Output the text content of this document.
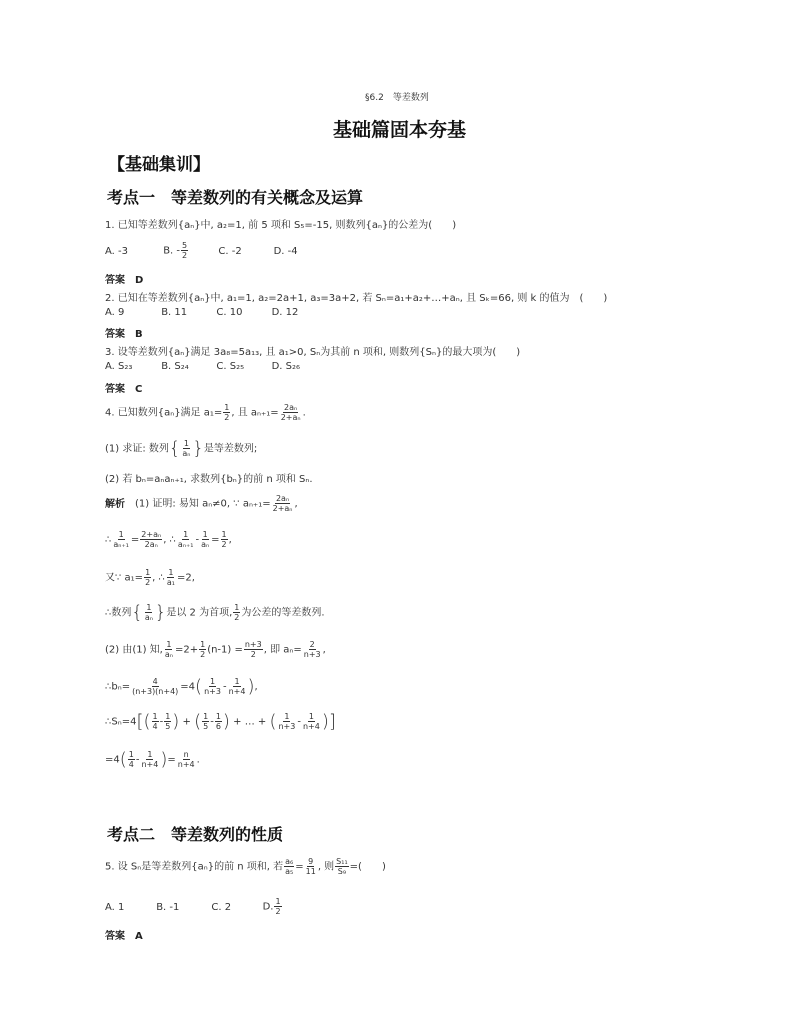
§6.2　等差数列
基础篇固本夯基
【基础集训】
考点一　等差数列的有关概念及运算
1. 已知等差数列{aₙ}中, a₂=1, 前 5 项和 S₅=-15, 则数列{aₙ}的公差为(　　)
A. -3	B. - $\frac{5}{2}$	C. -2	D. -4
答案　D
2. 已知在等差数列{aₙ}中, a₁=1, a₂=2a+1, a₃=3a+2, 若 Sₙ=a₁+a₂+…+aₙ, 且 Sₖ=66, 则 k 的值为　(　　)
A. 9	B. 11	C. 10	D. 12
答案　B
3. 设等差数列{aₙ}满足 3a₈=5a₁₃, 且 a₁>0, Sₙ为其前 n 项和, 则数列{Sₙ}的最大项为(　　)
A. S₂₃	B. S₂₄	C. S₂₅	D. S₂₆
答案　C
4. 已知数列{aₙ}满足 $a_1= \frac{1}{2}$ , 且 $a_{n+1}= \frac{\text{2aₙ}}{\text{2+aₙ}}$ .
(1) 求证: 数列{ $\frac{1}{\text{aₙ}}$ }是等差数列;
(2) 若 bₙ=aₙaₙ₊₁, 求数列{bₙ}的前 n 项和 Sₙ.
解析 (1) 证明: 易知 aₙ≠0, ∵ $a_{n+1}= \frac{\text{2aₙ}}{\text{2+aₙ}}$ ,
∴ $\frac{1}{\text{aₙ₊₁}} = \frac{\text{2+aₙ}}{\text{2aₙ}}$ , ∴ $\frac{1}{\text{aₙ₊₁}} - \frac{1}{\text{aₙ}} = \frac{1}{2}$ ,
又∵ $a_1= \frac{1}{2}$ , ∴ $\frac{1}{\text{a₁}} =2$,
∴数列{ $\frac{1}{\text{aₙ}}$ }是以 2 为首项, $\frac{1}{2}$ 为公差的等差数列.
(2) 由(1) 知, $\frac{1}{\text{aₙ}} =2+ \frac{1}{2} (n-1) = \frac{n+3}{2}$ , 即 $a_n= \frac{2}{n+3}$ ,
∴bₙ= $\frac{4}{(n+3)(n+4)} =4( \frac{1}{n+3} - \frac{1}{n+4}$ ),
∴Sₙ=4[( $\frac{1}{4} - \frac{1}{5}$ ) + ( $\frac{1}{5} - \frac{1}{6}$ ) + … + ( $\frac{1}{n+3} - \frac{1}{n+4}$ )]
$=4( \frac{1}{4} - \frac{1}{n+4}$ )= $\frac{n}{n+4}$ .
考点二　等差数列的性质
5. 设 Sₙ是等差数列{aₙ}的前 n 项和, 若 $\frac{\text{a₆}}{\text{a₅}} = \frac{9}{11}$ , 则 $\frac{\text{S₁₁}}{\text{S₉}}$ =(　　)
A. 1	B. -1	C. 2	D. $\frac{1}{2}$
答案　A
